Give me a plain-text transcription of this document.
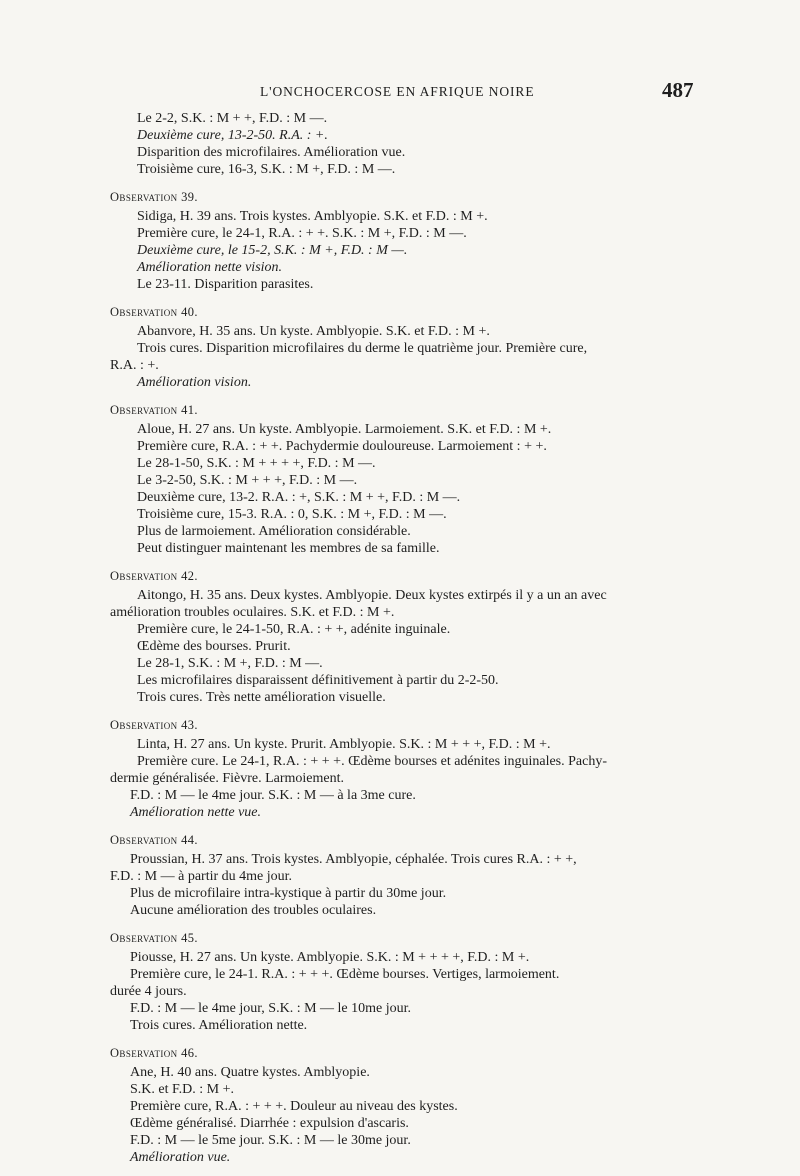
L'ONCHOCERCOSE EN AFRIQUE NOIRE	487
Le 2-2, S.K. : M + +, F.D. : M —.
Deuxième cure, 13-2-50. R.A. : +.
Disparition des microfilaires. Amélioration vue.
Troisième cure, 16-3, S.K. : M +, F.D. : M —.
Observation 39.
Sidiga, H. 39 ans. Trois kystes. Amblyopie. S.K. et F.D. : M +.
Première cure, le 24-1, R.A. : + +. S.K. : M +, F.D. : M —.
Deuxième cure, le 15-2, S.K. : M +, F.D. : M —.
Amélioration nette vision.
Le 23-11. Disparition parasites.
Observation 40.
Abanvore, H. 35 ans. Un kyste. Amblyopie. S.K. et F.D. : M +.
Trois cures. Disparition microfilaires du derme le quatrième jour. Première cure,
R.A. : +.
Amélioration vision.
Observation 41.
Aloue, H. 27 ans. Un kyste. Amblyopie. Larmoiement. S.K. et F.D. : M +.
Première cure, R.A. : + +. Pachydermie douloureuse. Larmoiement : + +.
Le 28-1-50, S.K. : M + + + +, F.D. : M —.
Le 3-2-50, S.K. : M + + +, F.D. : M —.
Deuxième cure, 13-2. R.A. : +, S.K. : M + +, F.D. : M —.
Troisième cure, 15-3. R.A. : 0, S.K. : M +, F.D. : M —.
Plus de larmoiement. Amélioration considérable.
Peut distinguer maintenant les membres de sa famille.
Observation 42.
Aitongo, H. 35 ans. Deux kystes. Amblyopie. Deux kystes extirpés il y a un an avec
amélioration troubles oculaires. S.K. et F.D. : M +.
Première cure, le 24-1-50, R.A. : + +, adénite inguinale.
Œdème des bourses. Prurit.
Le 28-1, S.K. : M +, F.D. : M —.
Les microfilaires disparaissent définitivement à partir du 2-2-50.
Trois cures. Très nette amélioration visuelle.
Observation 43.
Linta, H. 27 ans. Un kyste. Prurit. Amblyopie. S.K. : M + + +, F.D. : M +.
Première cure. Le 24-1, R.A. : + + +. Œdème bourses et adénites inguinales. Pachy-
dermie généralisée. Fièvre. Larmoiement.
F.D. : M — le 4me jour. S.K. : M — à la 3me cure.
Amélioration nette vue.
Observation 44.
Proussian, H. 37 ans. Trois kystes. Amblyopie, céphalée. Trois cures R.A. : + +,
F.D. : M — à partir du 4me jour.
Plus de microfilaire intra-kystique à partir du 30me jour.
Aucune amélioration des troubles oculaires.
Observation 45.
Piousse, H. 27 ans. Un kyste. Amblyopie. S.K. : M + + + +, F.D. : M +.
Première cure, le 24-1. R.A. : + + +. Œdème bourses. Vertiges, larmoiement.
durée 4 jours.
F.D. : M — le 4me jour, S.K. : M — le 10me jour.
Trois cures. Amélioration nette.
Observation 46.
Ane, H. 40 ans. Quatre kystes. Amblyopie.
S.K. et F.D. : M +.
Première cure, R.A. : + + +. Douleur au niveau des kystes.
Œdème généralisé. Diarrhée : expulsion d'ascaris.
F.D. : M — le 5me jour. S.K. : M — le 30me jour.
Amélioration vue.
